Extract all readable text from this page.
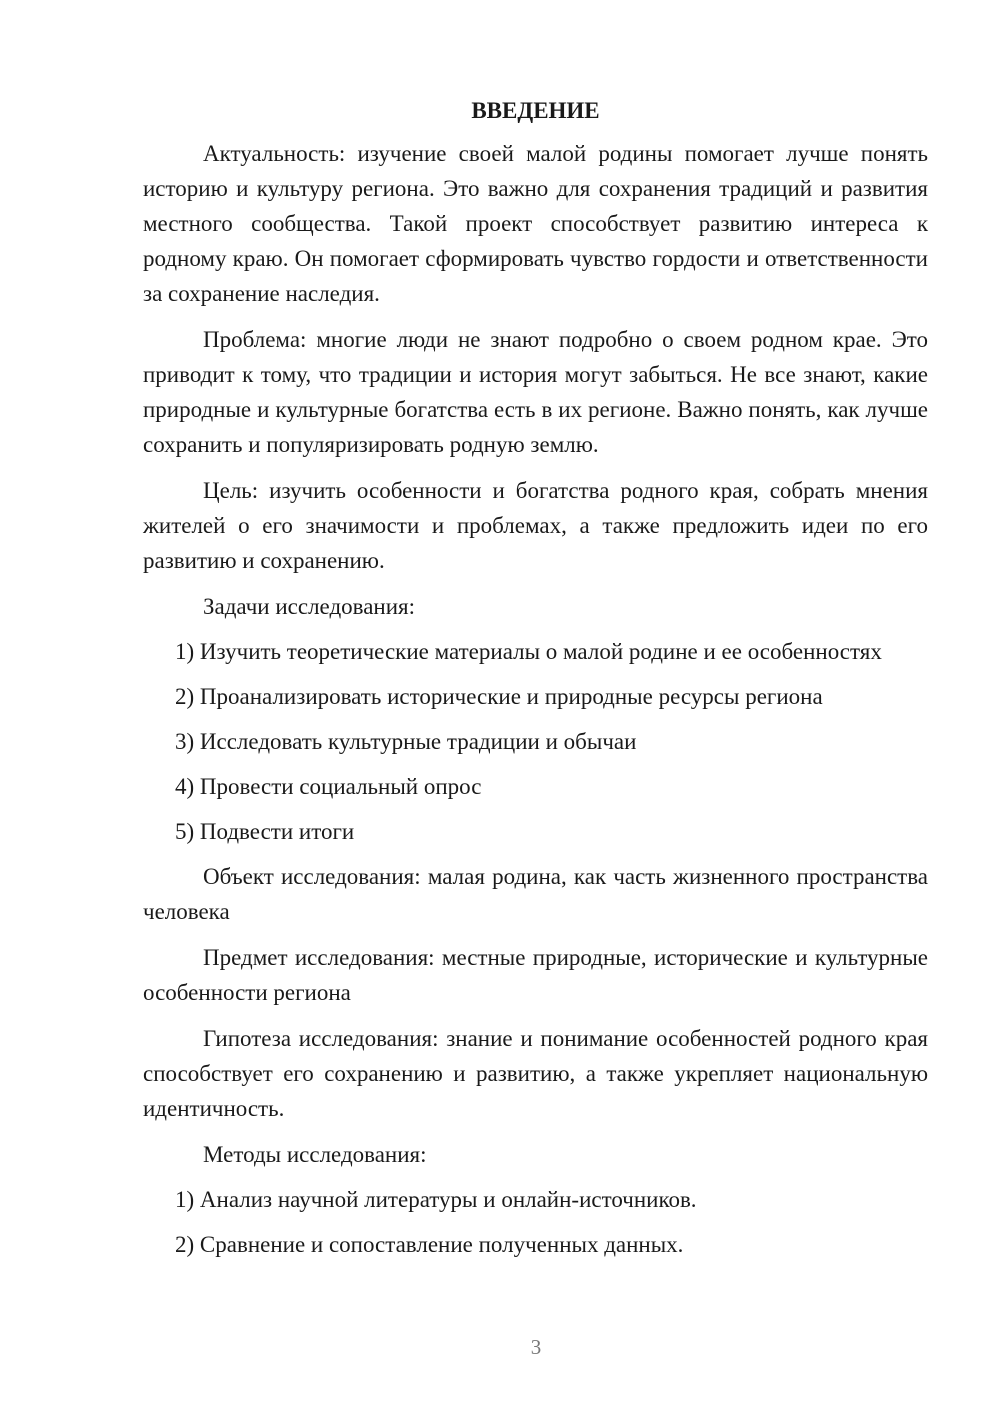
ВВЕДЕНИЕ

Актуальность: изучение своей малой родины помогает лучше понять историю и культуру региона. Это важно для сохранения традиций и развития местного сообщества. Такой проект способствует развитию интереса к родному краю. Он помогает сформировать чувство гордости и ответственности за сохранение наследия.

Проблема: многие люди не знают подробно о своем родном крае. Это приводит к тому, что традиции и история могут забыться. Не все знают, какие природные и культурные богатства есть в их регионе. Важно понять, как лучше сохранить и популяризировать родную землю.

Цель: изучить особенности и богатства родного края, собрать мнения жителей о его значимости и проблемах, а также предложить идеи по его развитию и сохранению.

Задачи исследования:

1) Изучить теоретические материалы о малой родине и ее особенностях

2) Проанализировать исторические и природные ресурсы региона

3) Исследовать культурные традиции и обычаи

4) Провести социальный опрос

5) Подвести итоги

Объект исследования: малая родина, как часть жизненного пространства человека

Предмет исследования: местные природные, исторические и культурные особенности региона

Гипотеза исследования: знание и понимание особенностей родного края способствует его сохранению и развитию, а также укрепляет национальную идентичность.

Методы исследования:

1) Анализ научной литературы и онлайн-источников.

2) Сравнение и сопоставление полученных данных.

3
